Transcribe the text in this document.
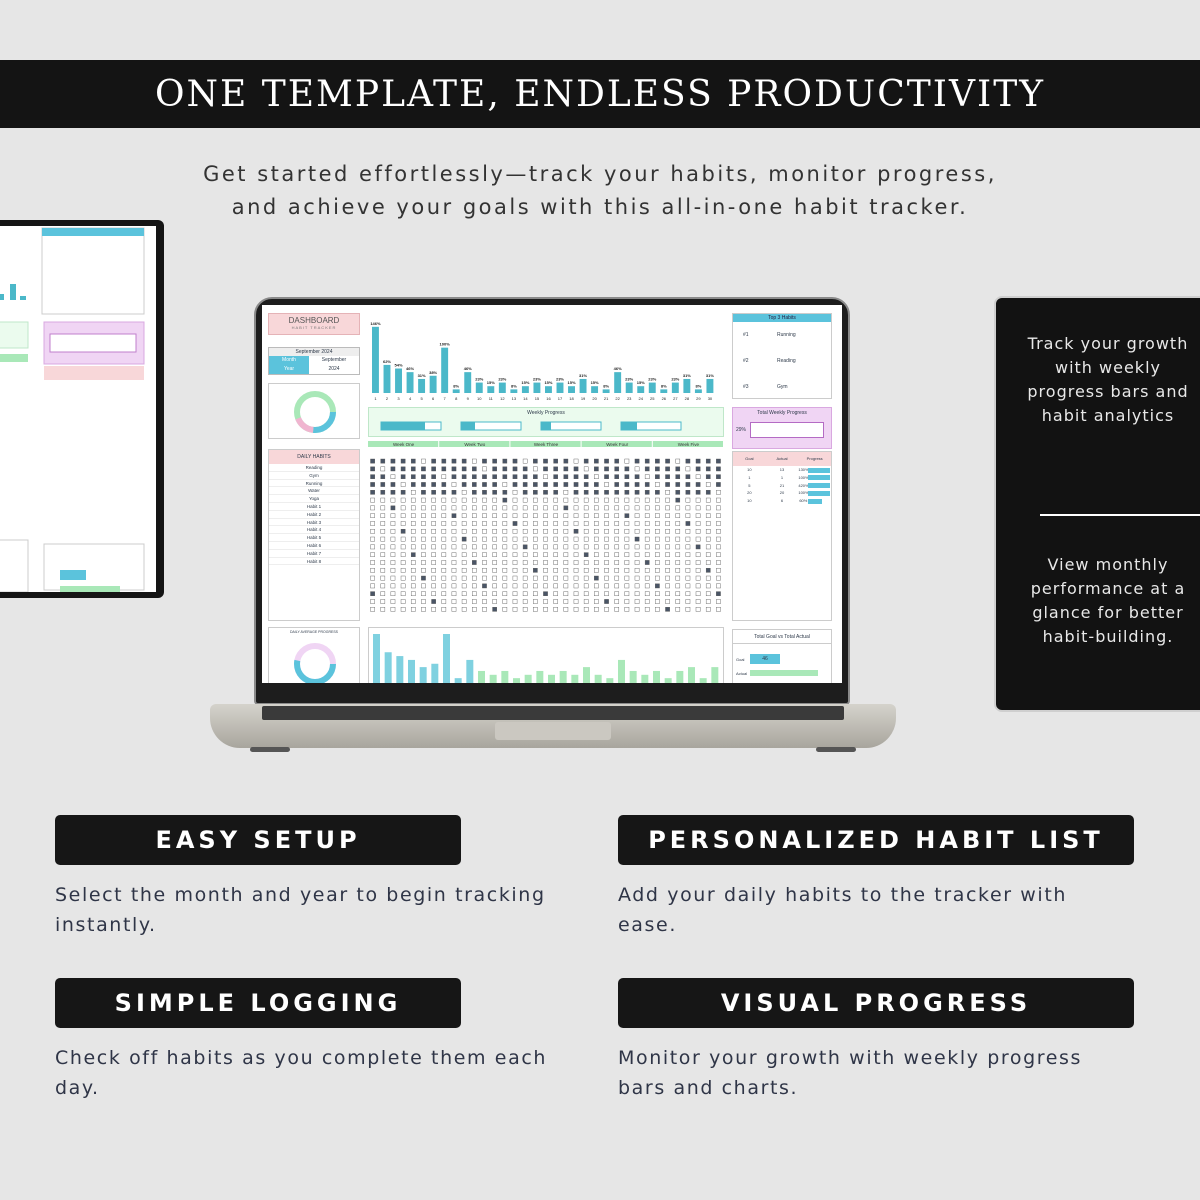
ONE TEMPLATE, ENDLESS PRODUCTIVITY

Get started effortlessly—track your habits, monitor progress, and achieve your goals with this all-in-one habit tracker.

Track your growth with weekly progress bars and habit analytics

View monthly performance at a glance for better habit-building.

DASHBOARD
HABIT TRACKER
September 2024
Month	September
Year	2024
DAILY HABITS
Reading
Gym
Running
Water
Yoga
Habit 1
Habit 2
Habit 3
Habit 4
Habit 5
Habit 6
Habit 7
Habit 8
146%
1
62%
2
54%
3
46%
4
31%
5
38%
6
100%
7
8%
8
46%
9
23%
10
15%
11
23%
12
8%
13
15%
14
23%
15
15%
16
23%
17
15%
18
31%
19
15%
20
8%
21
46%
22
23%
23
15%
24
23%
25
8%
26
23%
27
31%
28
8%
29
31%
30
Top 3 Habits
#1	Running
#2	Reading
#3	Gym
Weekly Progress
Week One	Week Two	Week Three	Week Four	Week Five
Total Weekly Progress
29%
Goal	Actual	Progress
10	13	130%
1	1	100%
5	21	420%
20	20	100%
10	6	60%
DAILY AVERAGE PROGRESS
Total Goal vs Total Actual
Goal	46
Actual
EASY SETUP

Select the month and year to begin tracking instantly.

PERSONALIZED HABIT LIST

Add your daily habits to the tracker with ease.

SIMPLE LOGGING

Check off habits as you complete them each day.

VISUAL PROGRESS

Monitor your growth with weekly progress bars and charts.
